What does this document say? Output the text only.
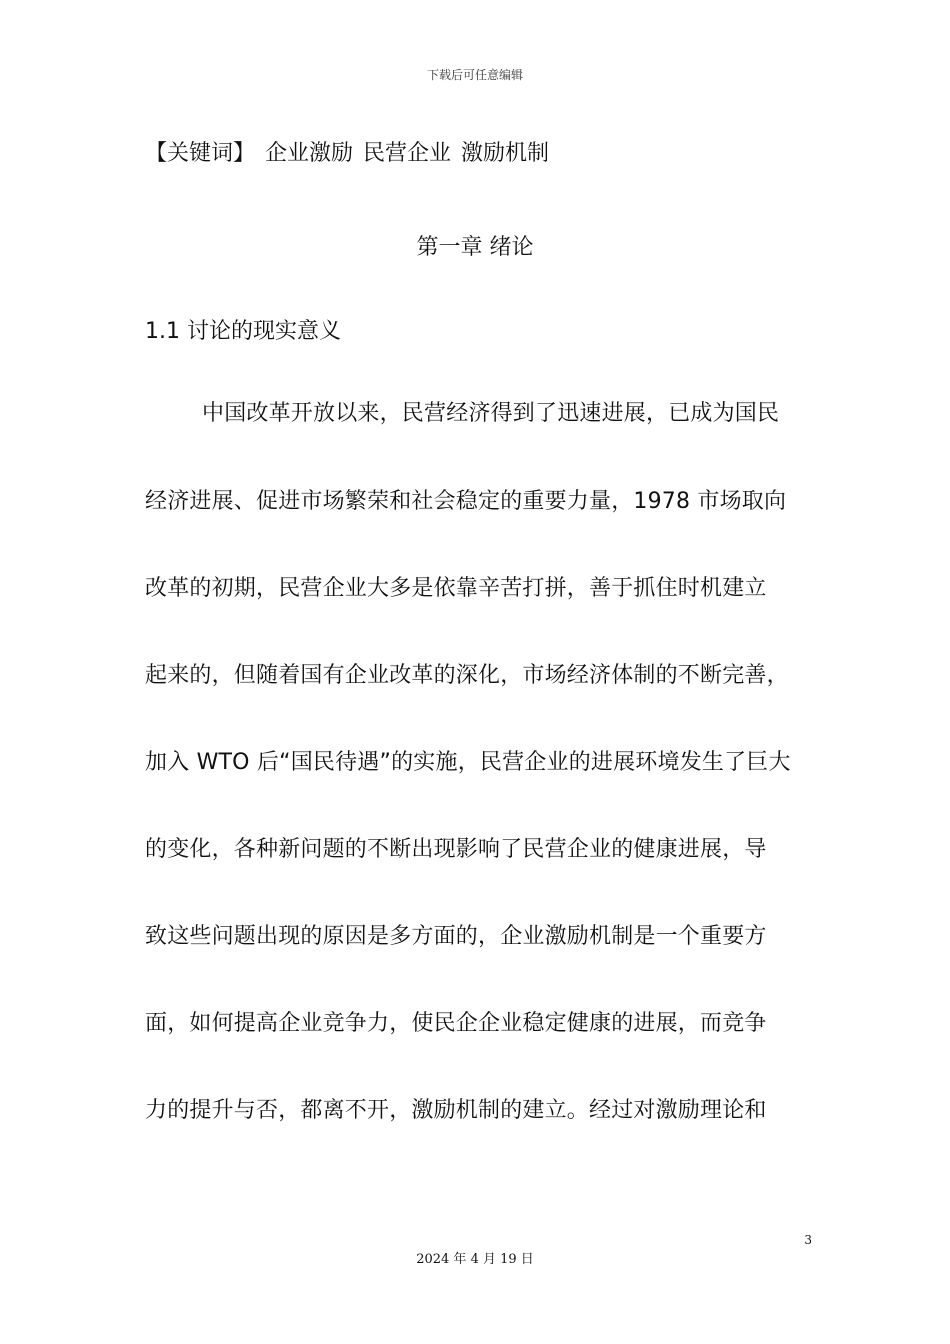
下载后可任意编辑
【关键词】 企业激励 民营企业 激励机制
第一章 绪论
1.1 讨论的现实意义
中国改革开放以来，民营经济得到了迅速进展，已成为国民
经济进展、促进市场繁荣和社会稳定的重要力量，1978 市场取向
改革的初期，民营企业大多是依靠辛苦打拼，善于抓住时机建立
起来的，但随着国有企业改革的深化，市场经济体制的不断完善，
加入 WTO 后“国民待遇”的实施，民营企业的进展环境发生了巨大
的变化，各种新问题的不断出现影响了民营企业的健康进展，导
致这些问题出现的原因是多方面的，企业激励机制是一个重要方
面，如何提高企业竞争力，使民企企业稳定健康的进展，而竞争
力的提升与否，都离不开，激励机制的建立。经过对激励理论和
3
2024 年 4 月 19 日
